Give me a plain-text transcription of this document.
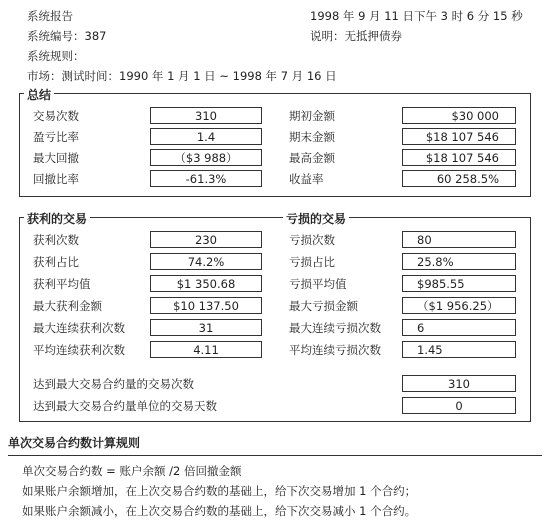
系统报告	1998 年 9 月 11 日下午 3 时 6 分 15 秒
系统编号：387	说明：无抵押债券
系统规则：
市场：测试时间：1990 年 1 月 1 日 ~ 1998 年 7 月 16 日
总结
交易次数	310	期初金额	$30 000
盈亏比率	1.4	期末金额	$18 107 546
最大回撤	（$3 988）	最高金额	$18 107 546
回撤比率	-61.3%	收益率	60 258.5%
获利的交易	亏损的交易
获利次数	230	亏损次数	80
获利占比	74.2%	亏损占比	25.8%
获利平均值	$1 350.68	亏损平均值	$985.55
最大获利金额	$10 137.50	最大亏损金额	（$1 956.25）
最大连续获利次数	31	最大连续亏损次数	6
平均连续获利次数	4.11	平均连续亏损次数	1.45
达到最大交易合约量的交易次数	310
达到最大交易合约量单位的交易天数	0
单次交易合约数计算规则
单次交易合约数 = 账户余额 /2 倍回撤金额
如果账户余额增加，在上次交易合约数的基础上，给下次交易增加 1 个合约；
如果账户余额减小，在上次交易合约数的基础上，给下次交易减小 1 个合约。
